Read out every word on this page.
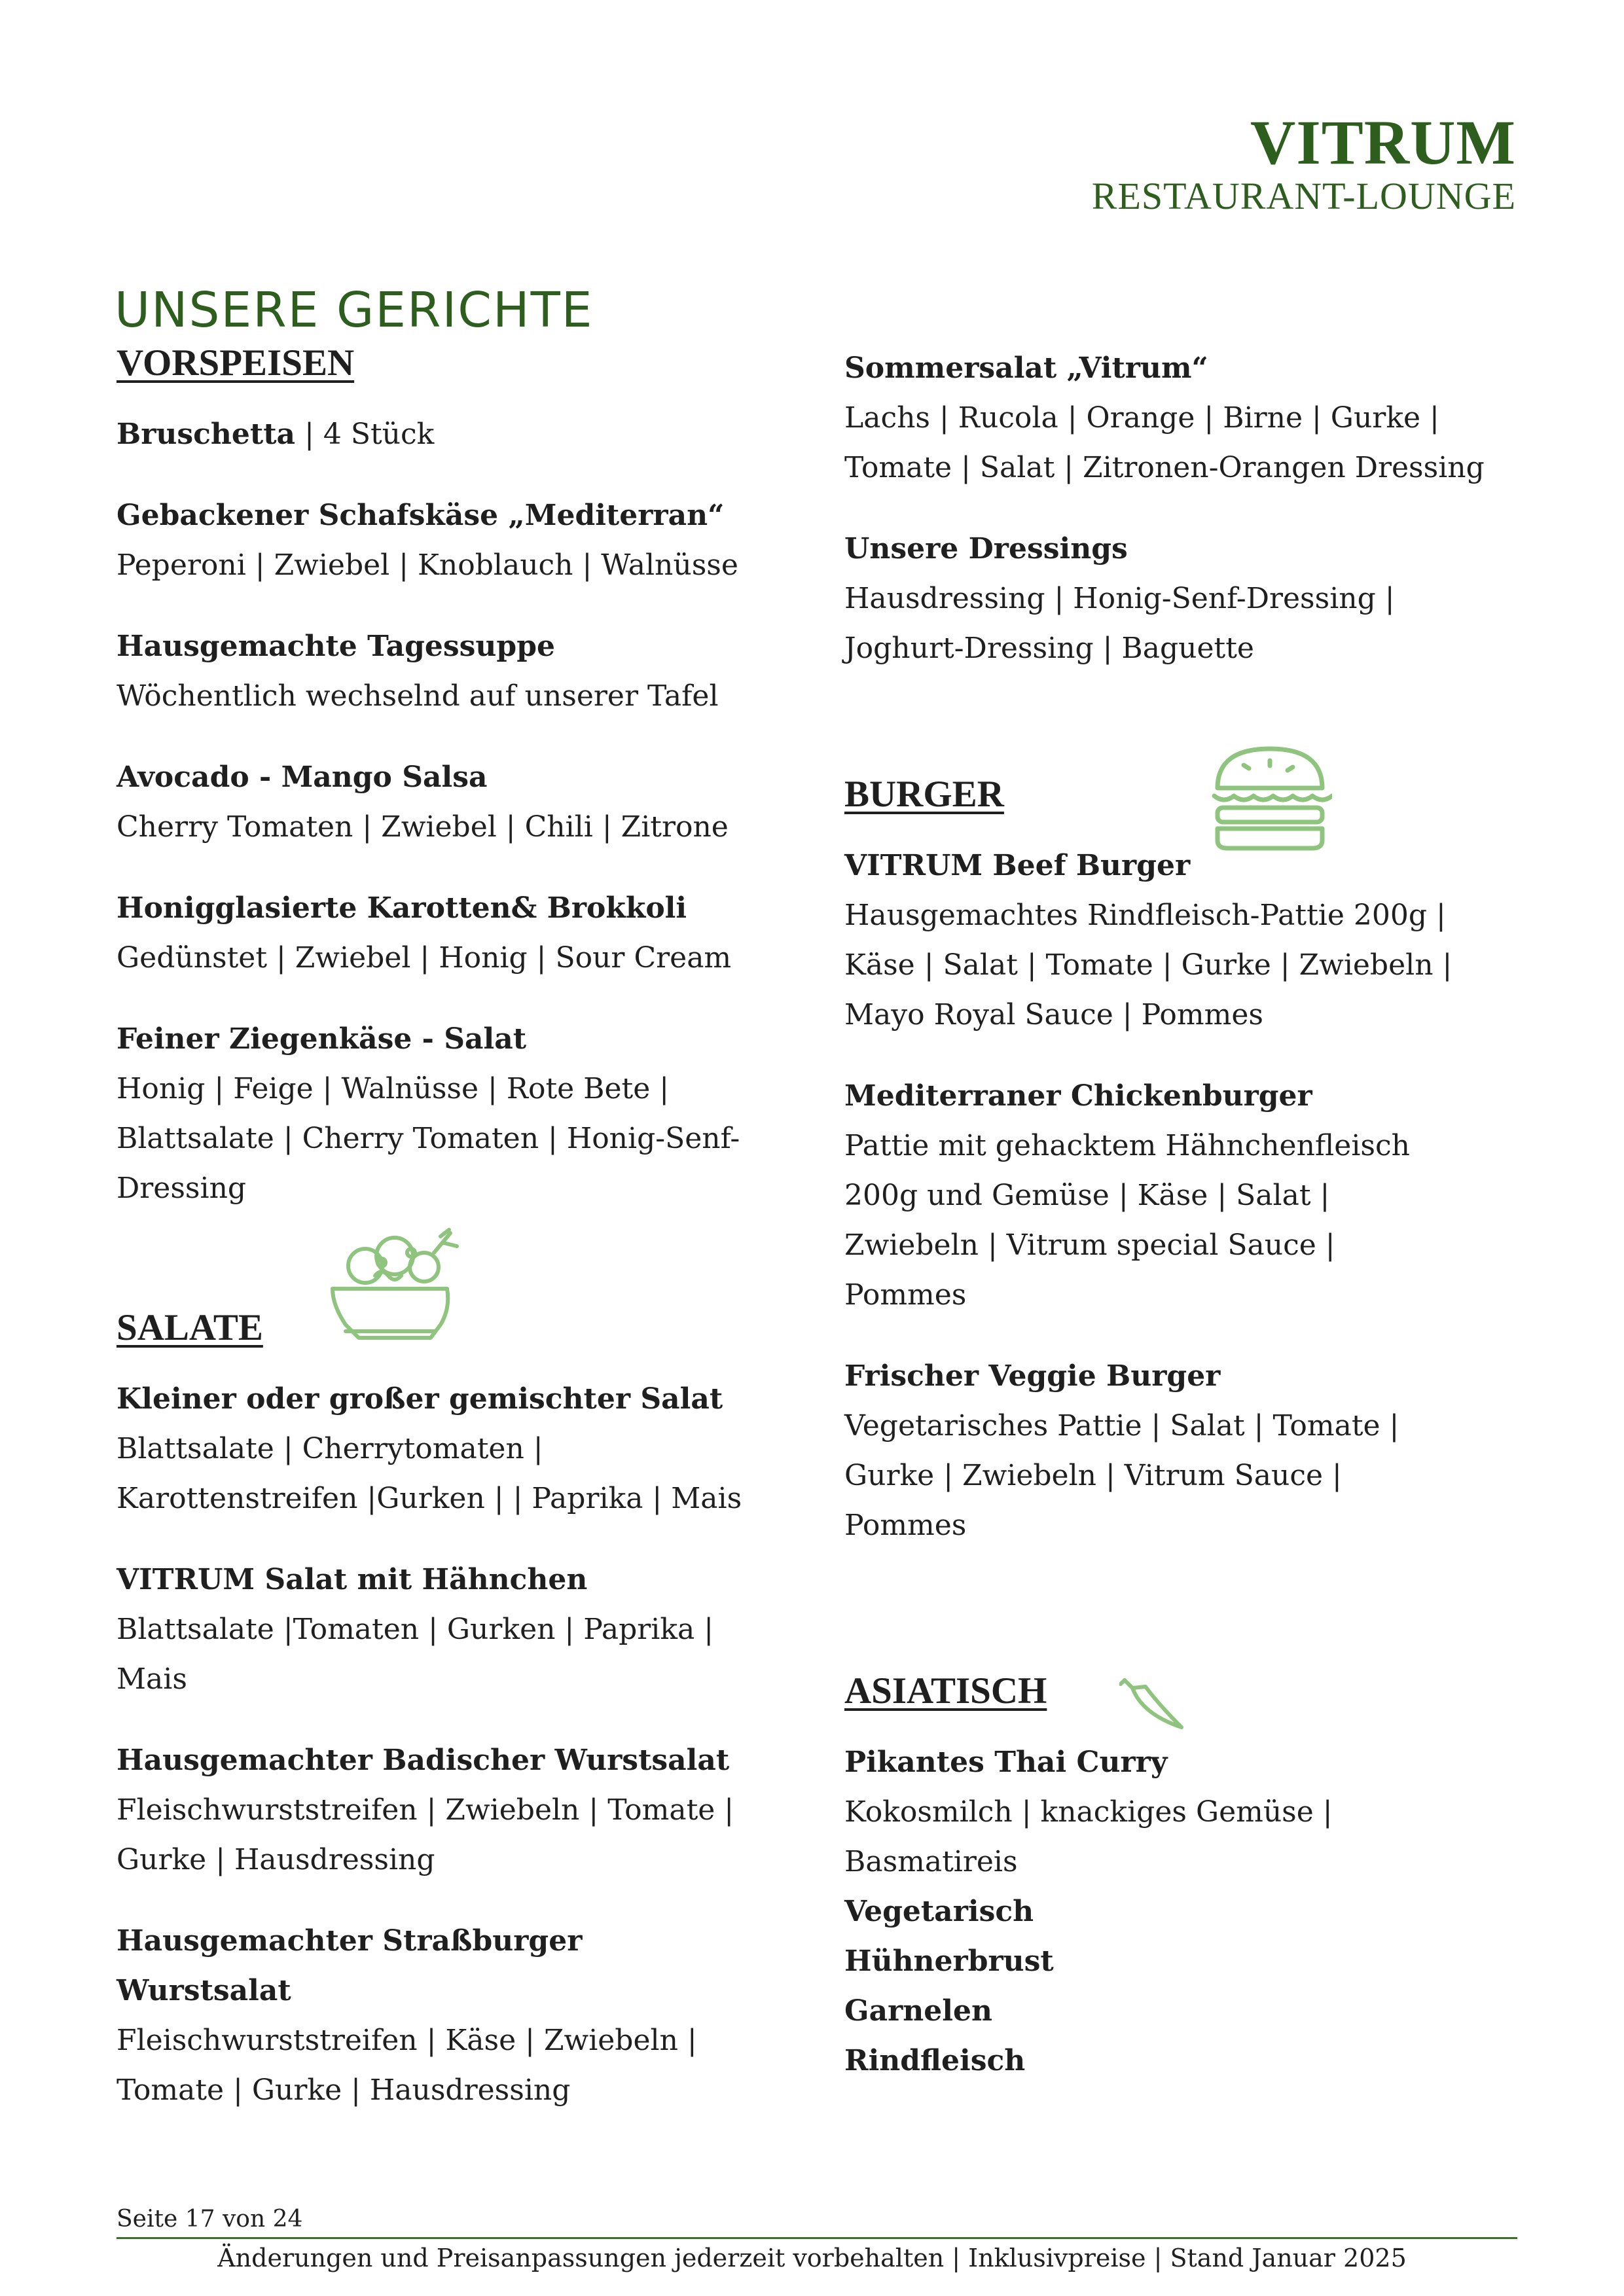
VITRUM
RESTAURANT-LOUNGE
UNSERE GERICHTE
VORSPEISEN
Bruschetta | 4 Stück
Gebackener Schafskäse „Mediterran“
Peperoni | Zwiebel | Knoblauch | Walnüsse
Hausgemachte Tagessuppe
Wöchentlich wechselnd auf unserer Tafel
Avocado - Mango Salsa
Cherry Tomaten | Zwiebel | Chili | Zitrone
Honigglasierte Karotten& Brokkoli
Gedünstet | Zwiebel | Honig | Sour Cream
Feiner Ziegenkäse - Salat
Honig | Feige | Walnüsse | Rote Bete |
Blattsalate | Cherry Tomaten | Honig-Senf-
Dressing
SALATE
Kleiner oder großer gemischter Salat
Blattsalate | Cherrytomaten |
Karottenstreifen |Gurken | | Paprika | Mais
VITRUM Salat mit Hähnchen
Blattsalate |Tomaten | Gurken | Paprika |
Mais
Hausgemachter Badischer Wurstsalat
Fleischwurststreifen | Zwiebeln | Tomate |
Gurke | Hausdressing
Hausgemachter Straßburger Wurstsalat
Fleischwurststreifen | Käse | Zwiebeln |
Tomate | Gurke | Hausdressing
Sommersalat „Vitrum“
Lachs | Rucola | Orange | Birne | Gurke |
Tomate | Salat | Zitronen-Orangen Dressing
Unsere Dressings
Hausdressing | Honig-Senf-Dressing |
Joghurt-Dressing | Baguette
BURGER
VITRUM Beef Burger
Hausgemachtes Rindfleisch-Pattie 200g |
Käse | Salat | Tomate | Gurke | Zwiebeln |
Mayo Royal Sauce | Pommes
Mediterraner Chickenburger
Pattie mit gehacktem Hähnchenfleisch
200g und Gemüse | Käse | Salat |
Zwiebeln | Vitrum special Sauce |
Pommes
Frischer Veggie Burger
Vegetarisches Pattie | Salat | Tomate |
Gurke | Zwiebeln | Vitrum Sauce |
Pommes
ASIATISCH
Pikantes Thai Curry
Kokosmilch | knackiges Gemüse |
Basmatireis
Vegetarisch
Hühnerbrust
Garnelen
Rindfleisch
Seite 17 von 24
Änderungen und Preisanpassungen jederzeit vorbehalten | Inklusivpreise | Stand Januar 2025
